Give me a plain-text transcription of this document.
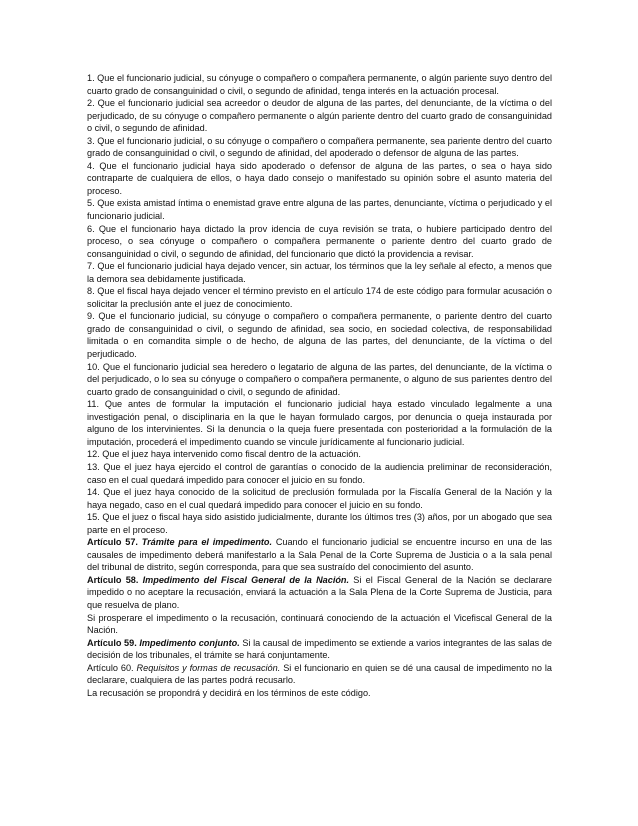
1. Que el funcionario judicial, su cónyuge o compañero o compañera permanente, o algún pariente suyo dentro del cuarto grado de consanguinidad o civil, o segundo de afinidad, tenga interés en la actuación procesal.

2. Que el funcionario judicial sea acreedor o deudor de alguna de las partes, del denunciante, de la víctima o del perjudicado, de su cónyuge o compañero permanente o algún pariente dentro del cuarto grado de consanguinidad o civil, o segundo de afinidad.

3. Que el funcionario judicial, o su cónyuge o compañero o compañera permanente, sea pariente dentro del cuarto grado de consanguinidad o civil, o segundo de afinidad, del apoderado o defensor de alguna de las partes.

4. Que el funcionario judicial haya sido apoderado o defensor de alguna de las partes, o sea o haya sido contraparte de cualquiera de ellos, o haya dado consejo o manifestado su opinión sobre el asunto materia del proceso.

5. Que exista amistad íntima o enemistad grave entre alguna de las partes, denunciante, víctima o perjudicado y el funcionario judicial.

6. Que el funcionario haya dictado la prov idencia de cuya revisión se trata, o hubiere participado dentro del proceso, o sea cónyuge o compañero o compañera permanente o pariente dentro del cuarto grado de consanguinidad o civil, o segundo de afinidad, del funcionario que dictó la providencia a revisar.

7. Que el funcionario judicial haya dejado vencer, sin actuar, los términos que la ley señale al efecto, a menos que la demora sea debidamente justificada.

8. Que el fiscal haya dejado vencer el término previsto en el artículo 174 de este código para formular acusación o solicitar la preclusión ante el juez de conocimiento.

9. Que el funcionario judicial, su cónyuge o compañero o compañera permanente, o pariente dentro del cuarto grado de consanguinidad o civil, o segundo de afinidad, sea socio, en sociedad colectiva, de responsabilidad limitada o en comandita simple o de hecho, de alguna de las partes, del denunciante, de la víctima o del perjudicado.

10. Que el funcionario judicial sea heredero o legatario de alguna de las partes, del denunciante, de la víctima o del perjudicado, o lo sea su cónyuge o compañero o compañera permanente, o alguno de sus parientes dentro del cuarto grado de consanguinidad o civil, o segundo de afinidad.

11. Que antes de formular la imputación el funcionario judicial haya estado vinculado legalmente a una investigación penal, o disciplinaria en la que le hayan formulado cargos, por denuncia o queja instaurada por alguno de los intervinientes. Si la denuncia o la queja fuere presentada con posterioridad a la formulación de la imputación, procederá el impedimento cuando se vincule jurídicamente al funcionario judicial.

12. Que el juez haya intervenido como fiscal dentro de la actuación.

13. Que el juez haya ejercido el control de garantías o conocido de la audiencia preliminar de reconsideración, caso en el cual quedará impedido para conocer el juicio en su fondo.

14. Que el juez haya conocido de la solicitud de preclusión formulada por la Fiscalía General de la Nación y la haya negado, caso en el cual quedará impedido para conocer el juicio en su fondo.

15. Que el juez o fiscal haya sido asistido judicialmente, durante los últimos tres (3) años, por un abogado que sea parte en el proceso.

Artículo 57. Trámite para el impedimento. Cuando el funcionario judicial se encuentre incurso en una de las causales de impedimento deberá manifestarlo a la Sala Penal de la Corte Suprema de Justicia o a la sala penal del tribunal de distrito, según corresponda, para que sea sustraído del conocimiento del asunto.

Artículo 58. Impedimento del Fiscal General de la Nación. Si el Fiscal General de la Nación se declarare impedido o no aceptare la recusación, enviará la actuación a la Sala Plena de la Corte Suprema de Justicia, para que resuelva de plano.

Si prosperare el impedimento o la recusación, continuará conociendo de la actuación el Vicefiscal General de la Nación.

Artículo 59. Impedimento conjunto. Si la causal de impedimento se extiende a varios integrantes de las salas de decisión de los tribunales, el trámite se hará conjuntamente.

Artículo 60. Requisitos y formas de recusación. Si el funcionario en quien se dé una causal de impedimento no la declarare, cualquiera de las partes podrá recusarlo.

La recusación se propondrá y decidirá en los términos de este código.
